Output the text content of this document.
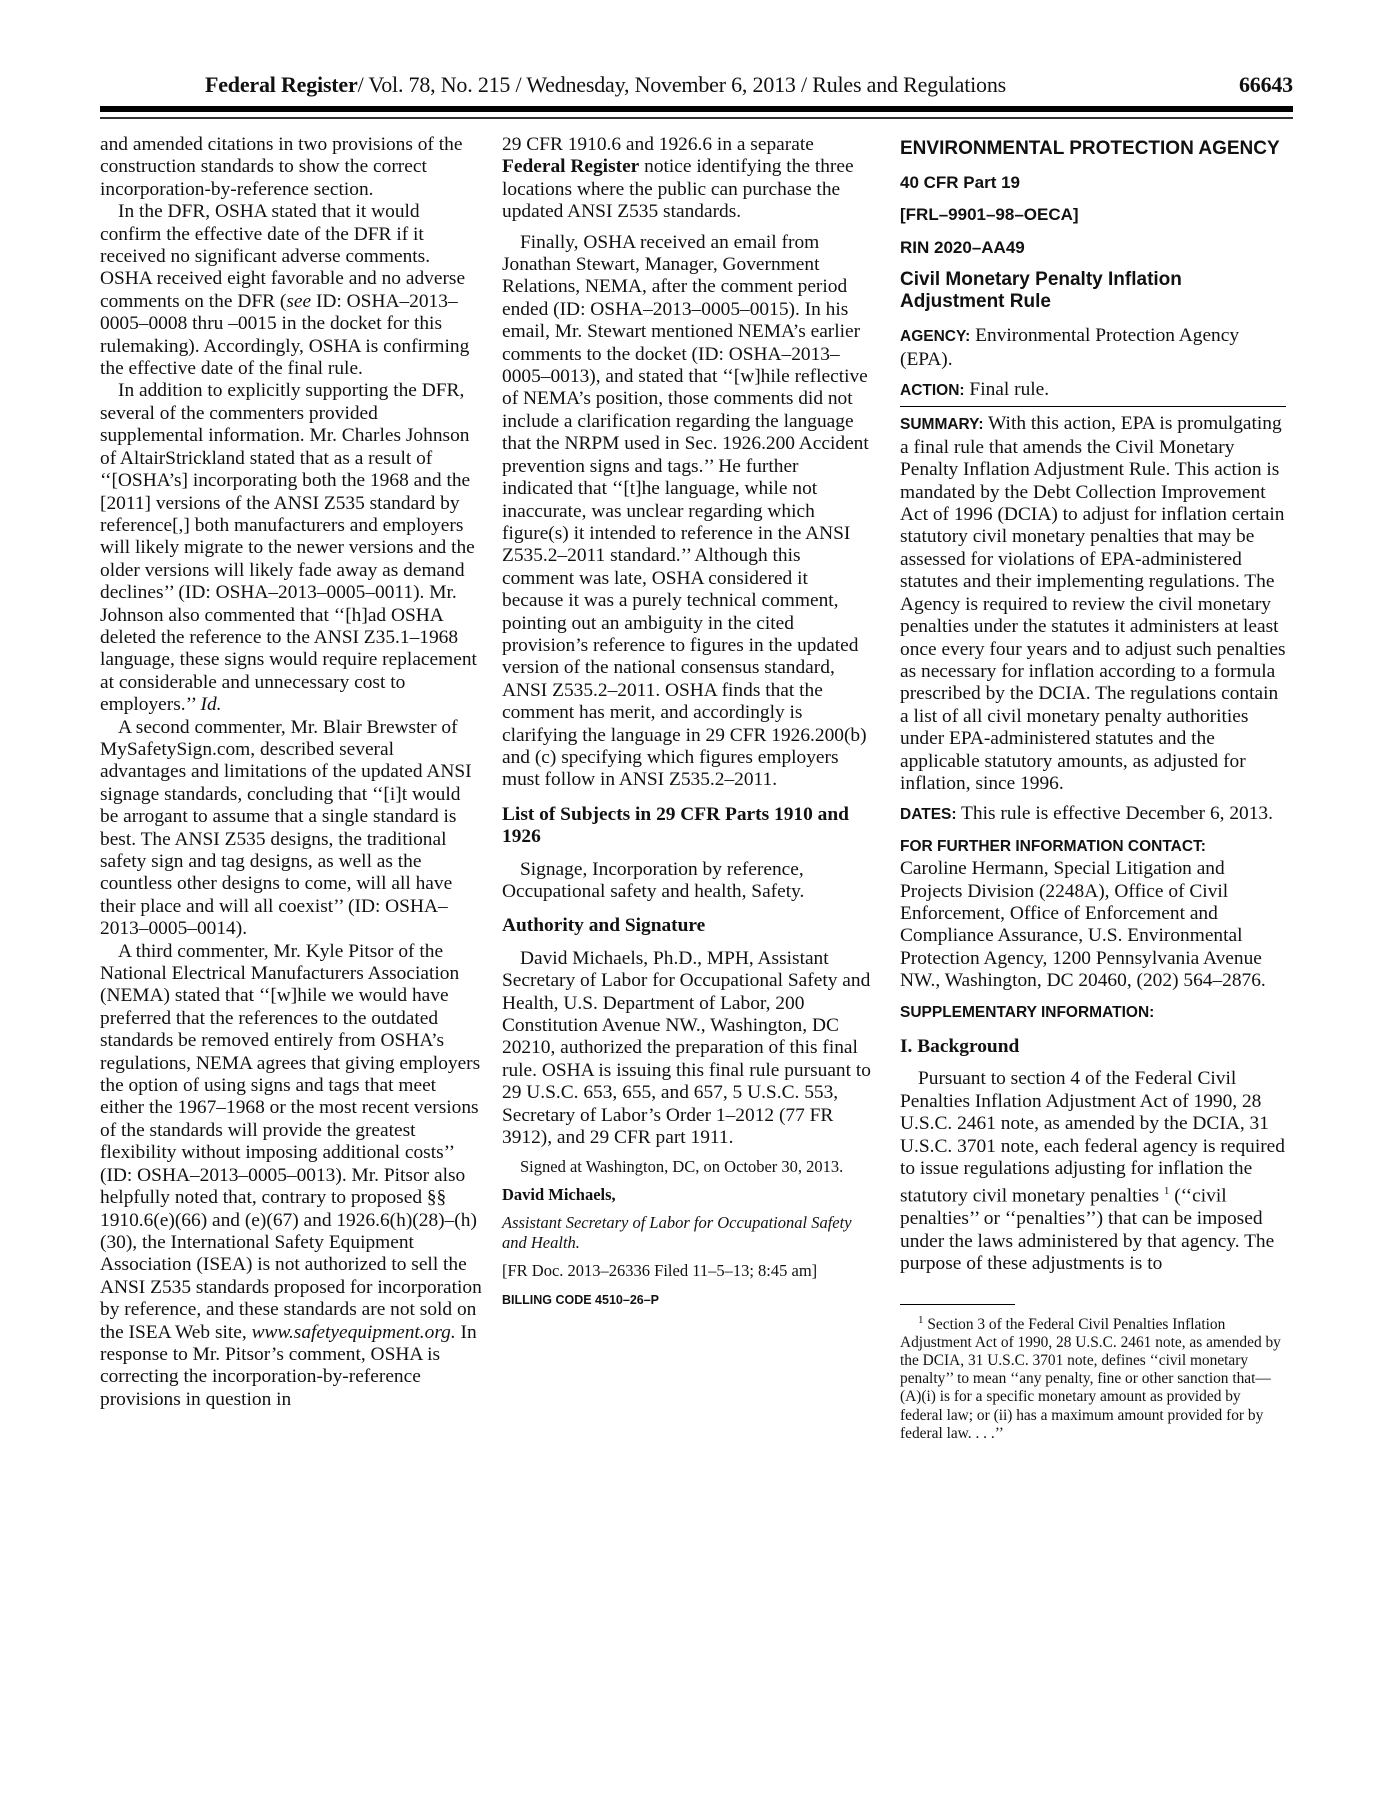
Federal Register/ Vol. 78, No. 215 / Wednesday, November 6, 2013 / Rules and Regulations	66643

and amended citations in two provisions of the construction standards to show the correct incorporation-by-reference section.

In the DFR, OSHA stated that it would confirm the effective date of the DFR if it received no significant adverse comments. OSHA received eight favorable and no adverse comments on the DFR (see ID: OSHA–2013–0005–0008 thru –0015 in the docket for this rulemaking). Accordingly, OSHA is confirming the effective date of the final rule.

In addition to explicitly supporting the DFR, several of the commenters provided supplemental information. Mr. Charles Johnson of AltairStrickland stated that as a result of ‘‘[OSHA’s] incorporating both the 1968 and the [2011] versions of the ANSI Z535 standard by reference[,] both manufacturers and employers will likely migrate to the newer versions and the older versions will likely fade away as demand declines’’ (ID: OSHA–2013–0005–0011). Mr. Johnson also commented that ‘‘[h]ad OSHA deleted the reference to the ANSI Z35.1–1968 language, these signs would require replacement at considerable and unnecessary cost to employers.’’ Id.

A second commenter, Mr. Blair Brewster of MySafetySign.com, described several advantages and limitations of the updated ANSI signage standards, concluding that ‘‘[i]t would be arrogant to assume that a single standard is best. The ANSI Z535 designs, the traditional safety sign and tag designs, as well as the countless other designs to come, will all have their place and will all coexist’’ (ID: OSHA–2013–0005–0014).

A third commenter, Mr. Kyle Pitsor of the National Electrical Manufacturers Association (NEMA) stated that ‘‘[w]hile we would have preferred that the references to the outdated standards be removed entirely from OSHA’s regulations, NEMA agrees that giving employers the option of using signs and tags that meet either the 1967–1968 or the most recent versions of the standards will provide the greatest flexibility without imposing additional costs’’ (ID: OSHA–2013–0005–0013). Mr. Pitsor also helpfully noted that, contrary to proposed §§ 1910.6(e)(66) and (e)(67) and 1926.6(h)(28)–(h)(30), the International Safety Equipment Association (ISEA) is not authorized to sell the ANSI Z535 standards proposed for incorporation by reference, and these standards are not sold on the ISEA Web site, www.safetyequipment.org. In response to Mr. Pitsor’s comment, OSHA is correcting the incorporation-by-reference provisions in question in

29 CFR 1910.6 and 1926.6 in a separate Federal Register notice identifying the three locations where the public can purchase the updated ANSI Z535 standards.

Finally, OSHA received an email from Jonathan Stewart, Manager, Government Relations, NEMA, after the comment period ended (ID: OSHA–2013–0005–0015). In his email, Mr. Stewart mentioned NEMA’s earlier comments to the docket (ID: OSHA–2013–0005–0013), and stated that ‘‘[w]hile reflective of NEMA’s position, those comments did not include a clarification regarding the language that the NRPM used in Sec. 1926.200 Accident prevention signs and tags.’’ He further indicated that ‘‘[t]he language, while not inaccurate, was unclear regarding which figure(s) it intended to reference in the ANSI Z535.2–2011 standard.’’ Although this comment was late, OSHA considered it because it was a purely technical comment, pointing out an ambiguity in the cited provision’s reference to figures in the updated version of the national consensus standard, ANSI Z535.2–2011. OSHA finds that the comment has merit, and accordingly is clarifying the language in 29 CFR 1926.200(b) and (c) specifying which figures employers must follow in ANSI Z535.2–2011.

List of Subjects in 29 CFR Parts 1910 and 1926

Signage, Incorporation by reference, Occupational safety and health, Safety.

Authority and Signature

David Michaels, Ph.D., MPH, Assistant Secretary of Labor for Occupational Safety and Health, U.S. Department of Labor, 200 Constitution Avenue NW., Washington, DC 20210, authorized the preparation of this final rule. OSHA is issuing this final rule pursuant to 29 U.S.C. 653, 655, and 657, 5 U.S.C. 553, Secretary of Labor’s Order 1–2012 (77 FR 3912), and 29 CFR part 1911.

Signed at Washington, DC, on October 30, 2013.

David Michaels,

Assistant Secretary of Labor for Occupational Safety and Health.

[FR Doc. 2013–26336 Filed 11–5–13; 8:45 am]

BILLING CODE 4510–26–P

ENVIRONMENTAL PROTECTION AGENCY

40 CFR Part 19

[FRL–9901–98–OECA]

RIN 2020–AA49

Civil Monetary Penalty Inflation Adjustment Rule

AGENCY: Environmental Protection Agency (EPA).

ACTION: Final rule.

SUMMARY: With this action, EPA is promulgating a final rule that amends the Civil Monetary Penalty Inflation Adjustment Rule. This action is mandated by the Debt Collection Improvement Act of 1996 (DCIA) to adjust for inflation certain statutory civil monetary penalties that may be assessed for violations of EPA-administered statutes and their implementing regulations. The Agency is required to review the civil monetary penalties under the statutes it administers at least once every four years and to adjust such penalties as necessary for inflation according to a formula prescribed by the DCIA. The regulations contain a list of all civil monetary penalty authorities under EPA-administered statutes and the applicable statutory amounts, as adjusted for inflation, since 1996.

DATES: This rule is effective December 6, 2013.

FOR FURTHER INFORMATION CONTACT:

Caroline Hermann, Special Litigation and Projects Division (2248A), Office of Civil Enforcement, Office of Enforcement and Compliance Assurance, U.S. Environmental Protection Agency, 1200 Pennsylvania Avenue NW., Washington, DC 20460, (202) 564–2876.

SUPPLEMENTARY INFORMATION:

I. Background

Pursuant to section 4 of the Federal Civil Penalties Inflation Adjustment Act of 1990, 28 U.S.C. 2461 note, as amended by the DCIA, 31 U.S.C. 3701 note, each federal agency is required to issue regulations adjusting for inflation the statutory civil monetary penalties $^1$ (‘‘civil penalties’’ or ‘‘penalties’’) that can be imposed under the laws administered by that agency. The purpose of these adjustments is to

$^1$ Section 3 of the Federal Civil Penalties Inflation Adjustment Act of 1990, 28 U.S.C. 2461 note, as amended by the DCIA, 31 U.S.C. 3701 note, defines ‘‘civil monetary penalty’’ to mean ‘‘any penalty, fine or other sanction that—(A)(i) is for a specific monetary amount as provided by federal law; or (ii) has a maximum amount provided for by federal law. . . .’’
